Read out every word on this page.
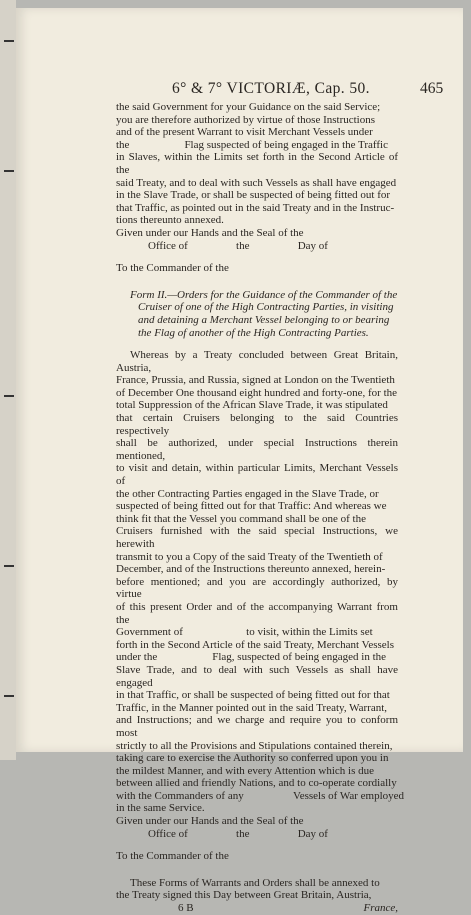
6° & 7° VICTORIÆ, Cap. 50.	465

the said Government for your Guidance on the said Service;

you are therefore authorized by virtue of those Instructions

and of the present Warrant to visit Merchant Vessels under

the                    Flag suspected of being engaged in the Traffic

in Slaves, within the Limits set forth in the Second Article of the

said Treaty, and to deal with such Vessels as shall have engaged

in the Slave Trade, or shall be suspected of being fitted out for

that Traffic, as pointed out in the said Treaty and in the Instruc-

tions thereunto annexed.

Given under our Hands and the Seal of the

Office of	the	Day of

To the Commander of the

Form II.—Orders for the Guidance of the Commander of the

Cruiser of one of the High Contracting Parties, in visiting

and detaining a Merchant Vessel belonging to or bearing

the Flag of another of the High Contracting Parties.

Whereas by a Treaty concluded between Great Britain, Austria,

France, Prussia, and Russia, signed at London on the Twentieth

of December One thousand eight hundred and forty-one, for the

total Suppression of the African Slave Trade, it was stipulated

that certain Cruisers belonging to the said Countries respectively

shall be authorized, under special Instructions therein mentioned,

to visit and detain, within particular Limits, Merchant Vessels of

the other Contracting Parties engaged in the Slave Trade, or

suspected of being fitted out for that Traffic: And whereas we

think fit that the Vessel you command shall be one of the

Cruisers furnished with the said special Instructions, we herewith

transmit to you a Copy of the said Treaty of the Twentieth of

December, and of the Instructions thereunto annexed, herein-

before mentioned; and you are accordingly authorized, by virtue

of this present Order and of the accompanying Warrant from the

Government of                       to visit, within the Limits set

forth in the Second Article of the said Treaty, Merchant Vessels

under the                    Flag, suspected of being engaged in the

Slave Trade, and to deal with such Vessels as shall have engaged

in that Traffic, or shall be suspected of being fitted out for that

Traffic, in the Manner pointed out in the said Treaty, Warrant,

and Instructions; and we charge and require you to conform most

strictly to all the Provisions and Stipulations contained therein,

taking care to exercise the Authority so conferred upon you in

the mildest Manner, and with every Attention which is due

between allied and friendly Nations, and to co-operate cordially

with the Commanders of any                  Vessels of War employed

in the same Service.

Given under our Hands and the Seal of the

Office of	the	Day of

To the Commander of the

These Forms of Warrants and Orders shall be annexed to

the Treaty signed this Day between Great Britain, Austria,

6 B	France,
